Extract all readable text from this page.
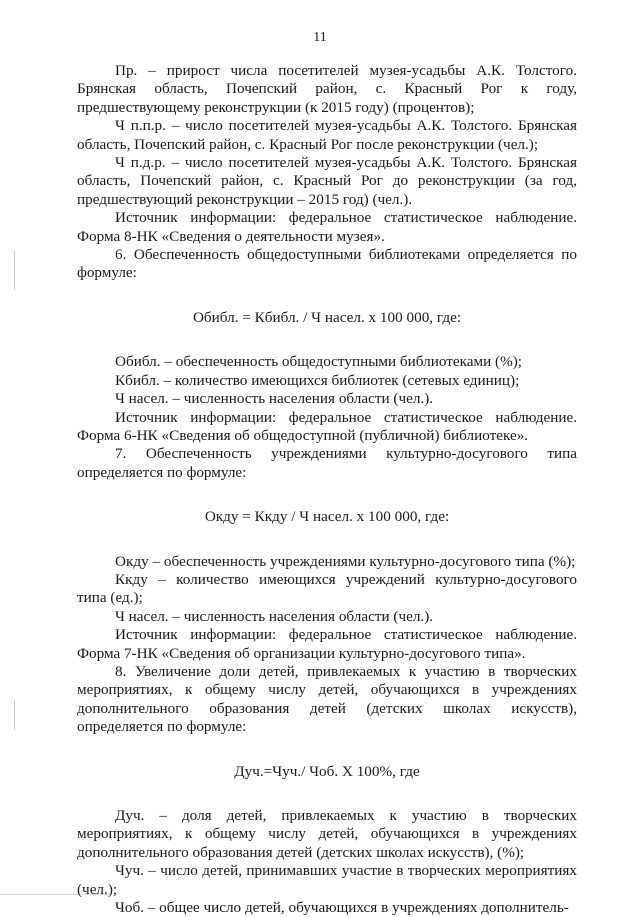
11

Пр. – прирост числа посетителей музея-усадьбы А.К. Толстого. Брянская область, Почепский район, с. Красный Рог к году, предшествующему реконструкции (к 2015 году) (процентов);

Ч п.п.р. – число посетителей музея-усадьбы А.К. Толстого. Брянская область, Почепский район, с. Красный Рог после реконструкции (чел.);

Ч п.д.р. – число посетителей музея-усадьбы А.К. Толстого. Брянская область, Почепский район, с. Красный Рог до реконструкции (за год, предшествующий реконструкции – 2015 год) (чел.).

Источник информации: федеральное статистическое наблюдение. Форма 8-НК «Сведения о деятельности музея».

6. Обеспеченность общедоступными библиотеками определяется по формуле:

Обибл. = Кбибл. / Ч насел. х 100 000, где:

Обибл. – обеспеченность общедоступными библиотеками (%);

Кбибл. – количество имеющихся библиотек (сетевых единиц);

Ч насел. – численность населения области (чел.).

Источник информации: федеральное статистическое наблюдение. Форма 6-НК «Сведения об общедоступной (публичной) библиотеке».

7. Обеспеченность учреждениями культурно-досугового типа определяется по формуле:

Окду = Ккду / Ч насел. х 100 000, где:

Окду – обеспеченность учреждениями культурно-досугового типа (%);

Ккду – количество имеющихся учреждений культурно-досугового типа (ед.);

Ч насел. – численность населения области (чел.).

Источник информации: федеральное статистическое наблюдение. Форма 7-НК «Сведения об организации культурно-досугового типа».

8. Увеличение доли детей, привлекаемых к участию в творческих мероприятиях, к общему числу детей, обучающихся в учреждениях дополнительного образования детей (детских школах искусств), определяется по формуле:

Дуч.=Чуч./ Чоб. Х 100%, где

Дуч. – доля детей, привлекаемых к участию в творческих мероприятиях, к общему числу детей, обучающихся в учреждениях дополнительного образования детей (детских школах искусств), (%);

Чуч. – число детей, принимавших участие в творческих мероприятиях (чел.);

Чоб. – общее число детей, обучающихся в учреждениях дополнитель-
